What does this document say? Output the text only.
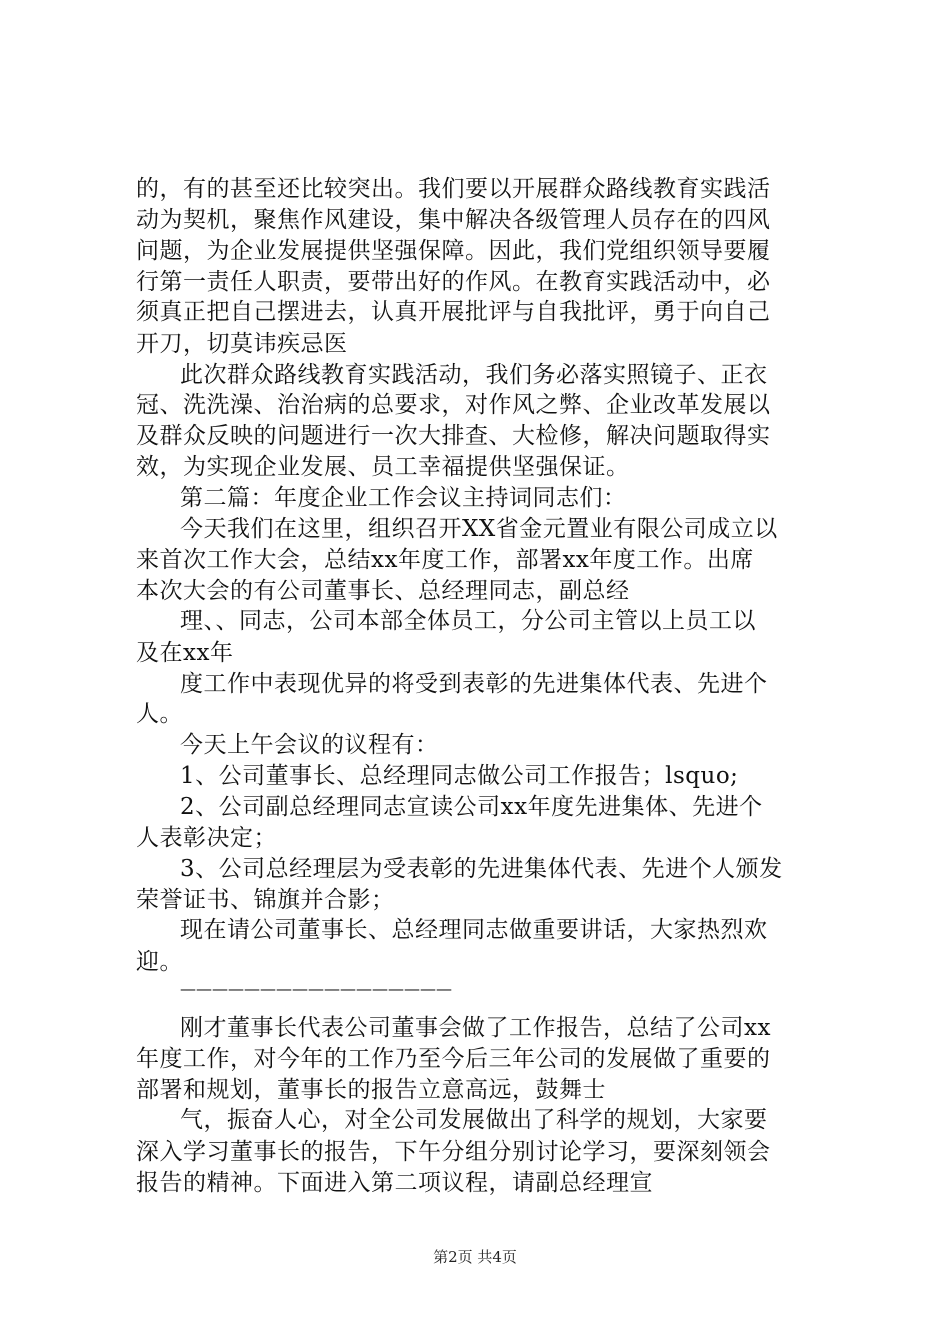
的，有的甚至还比较突出。我们要以开展群众路线教育实践活
动为契机，聚焦作风建设，集中解决各级管理人员存在的四风
问题，为企业发展提供坚强保障。因此，我们党组织领导要履
行第一责任人职责，要带出好的作风。在教育实践活动中，必
须真正把自己摆进去，认真开展批评与自我批评，勇于向自己
开刀，切莫讳疾忌医
此次群众路线教育实践活动，我们务必落实照镜子、正衣
冠、洗洗澡、治治病的总要求，对作风之弊、企业改革发展以
及群众反映的问题进行一次大排查、大检修，解决问题取得实
效，为实现企业发展、员工幸福提供坚强保证。
第二篇：年度企业工作会议主持词同志们：
今天我们在这里，组织召开XX省金元置业有限公司成立以
来首次工作大会，总结xx年度工作，部署xx年度工作。出席
本次大会的有公司董事长、总经理同志，副总经
理、、同志，公司本部全体员工，分公司主管以上员工以
及在xx年
度工作中表现优异的将受到表彰的先进集体代表、先进个
人。
今天上午会议的议程有：
1、公司董事长、总经理同志做公司工作报告；lsquo;
2、公司副总经理同志宣读公司xx年度先进集体、先进个
人表彰决定；
3、公司总经理层为受表彰的先进集体代表、先进个人颁发
荣誉证书、锦旗并合影；
现在请公司董事长、总经理同志做重要讲话，大家热烈欢
迎。
—————————————————
刚才董事长代表公司董事会做了工作报告，总结了公司xx
年度工作，对今年的工作乃至今后三年公司的发展做了重要的
部署和规划，董事长的报告立意高远，鼓舞士
气，振奋人心，对全公司发展做出了科学的规划，大家要
深入学习董事长的报告，下午分组分别讨论学习，要深刻领会
报告的精神。下面进入第二项议程，请副总经理宣
第2页 共4页
